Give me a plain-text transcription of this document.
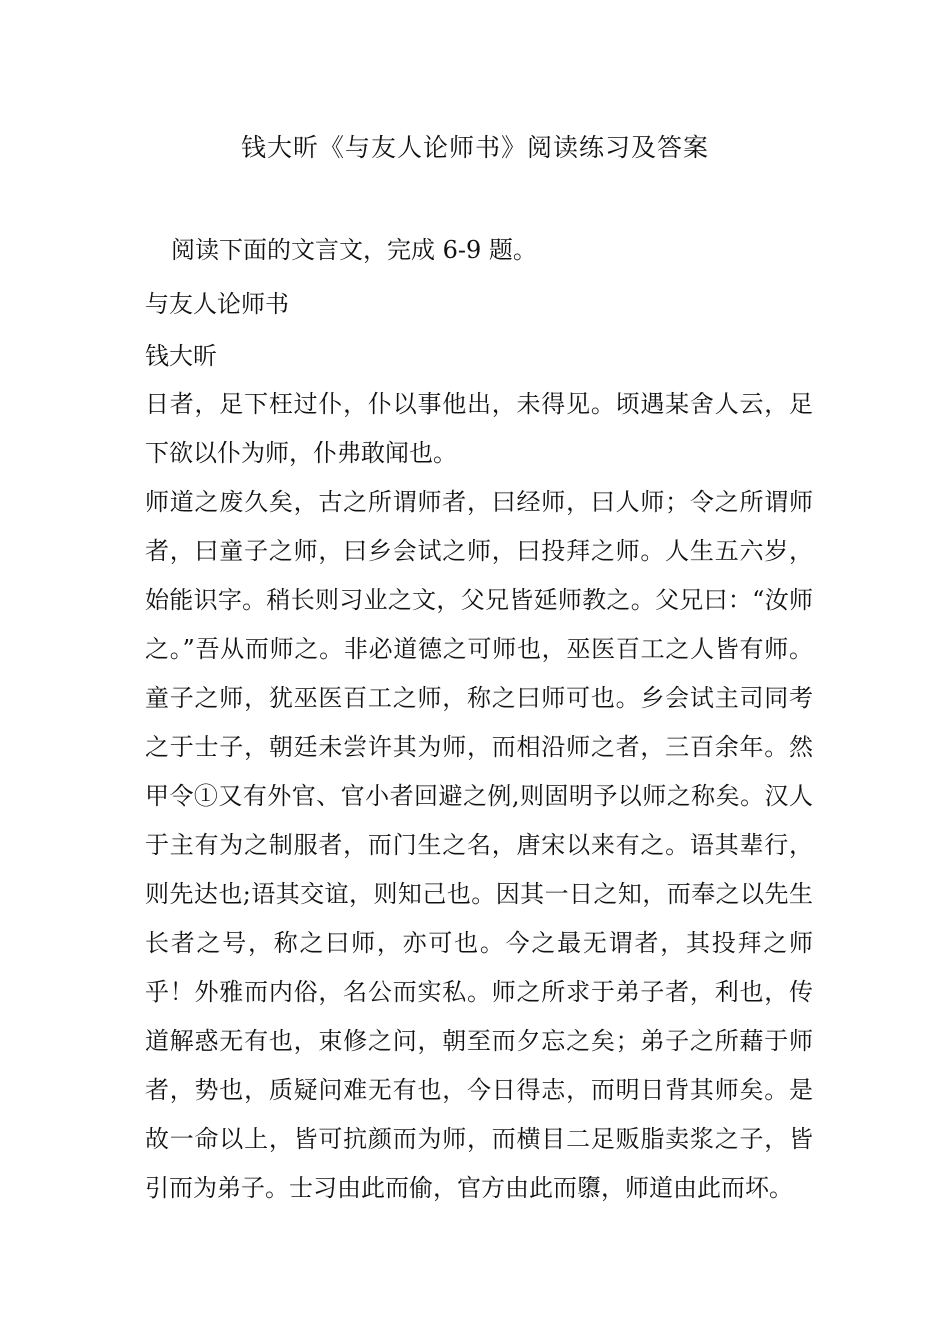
钱大昕《与友人论师书》阅读练习及答案

阅读下面的文言文，完成 6-9 题。

与友人论师书

钱大昕

日者，足下枉过仆，仆以事他出，未得见。顷遇某舍人云，足下欲以仆为师，仆弗敢闻也。

师道之废久矣，古之所谓师者，曰经师，曰人师；令之所谓师者，曰童子之师，曰乡会试之师，曰投拜之师。人生五六岁，始能识字。稍长则习业之文，父兄皆延师教之。父兄曰：“汝师之。”吾从而师之。非必道德之可师也，巫医百工之人皆有师。童子之师，犹巫医百工之师，称之曰师可也。乡会试主司同考之于士子，朝廷未尝许其为师，而相沿师之者，三百余年。然甲令①又有外官、官小者回避之例,则固明予以师之称矣。汉人于主有为之制服者，而门生之名，唐宋以来有之。语其辈行，则先达也;语其交谊，则知己也。因其一日之知，而奉之以先生长者之号，称之曰师，亦可也。今之最无谓者，其投拜之师乎！外雅而内俗，名公而实私。师之所求于弟子者，利也，传道解惑无有也，束修之问，朝至而夕忘之矣；弟子之所藉于师者，势也，质疑问难无有也，今日得志，而明日背其师矣。是故一命以上，皆可抗颜而为师，而横目二足贩脂卖浆之子，皆引而为弟子。士习由此而偷，官方由此而隳，师道由此而坏。
